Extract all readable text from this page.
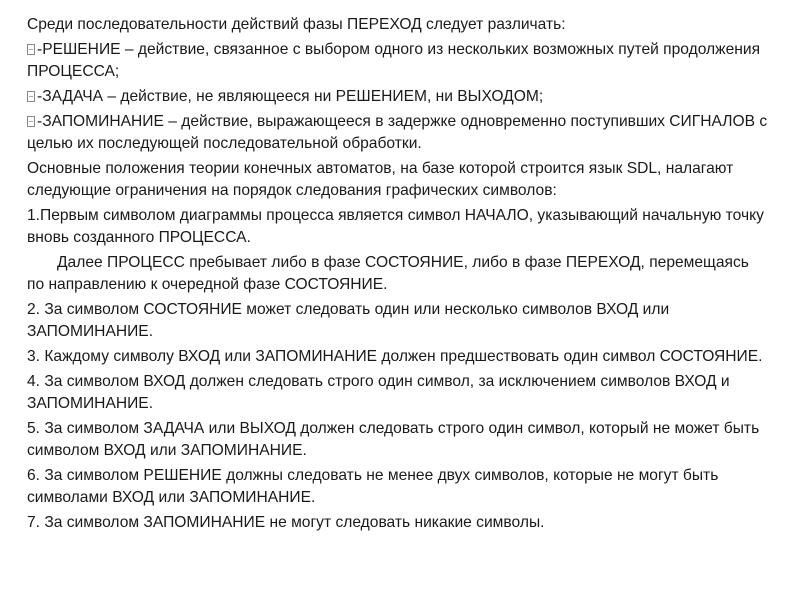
Среди последовательности действий фазы ПЕРЕХОД следует различать:

-РЕШЕНИЕ – действие, связанное с выбором одного из нескольких возможных путей продолжения ПРОЦЕССА;

-ЗАДАЧА – действие, не являющееся ни РЕШЕНИЕМ, ни ВЫХОДОМ;

-ЗАПОМИНАНИЕ – действие, выражающееся в задержке одновременно поступивших СИГНАЛОВ с целью их последующей последовательной обработки.

Основные положения теории конечных автоматов, на базе которой строится язык SDL, налагают следующие ограничения на порядок следования графических символов:

1.Первым символом диаграммы процесса является символ НАЧАЛО, указывающий начальную точку вновь созданного ПРОЦЕССА.

Далее ПРОЦЕСС пребывает либо в фазе СОСТОЯНИЕ, либо в фазе ПЕРЕХОД, перемещаясь по направлению к очередной фазе СОСТОЯНИЕ.

2. За символом СОСТОЯНИЕ может следовать один или несколько символов ВХОД или ЗАПОМИНАНИЕ.

3. Каждому символу ВХОД или ЗАПОМИНАНИЕ должен предшествовать один символ СОСТОЯНИЕ.

4. За символом ВХОД должен следовать строго один символ, за исключением символов ВХОД и ЗАПОМИНАНИЕ.

5. За символом ЗАДАЧА или ВЫХОД должен следовать строго один символ, который не может быть символом ВХОД или ЗАПОМИНАНИЕ.

6. За символом РЕШЕНИЕ должны следовать не менее двух символов, которые не могут быть символами ВХОД или ЗАПОМИНАНИЕ.

7. За символом ЗАПОМИНАНИЕ не могут следовать никакие символы.
